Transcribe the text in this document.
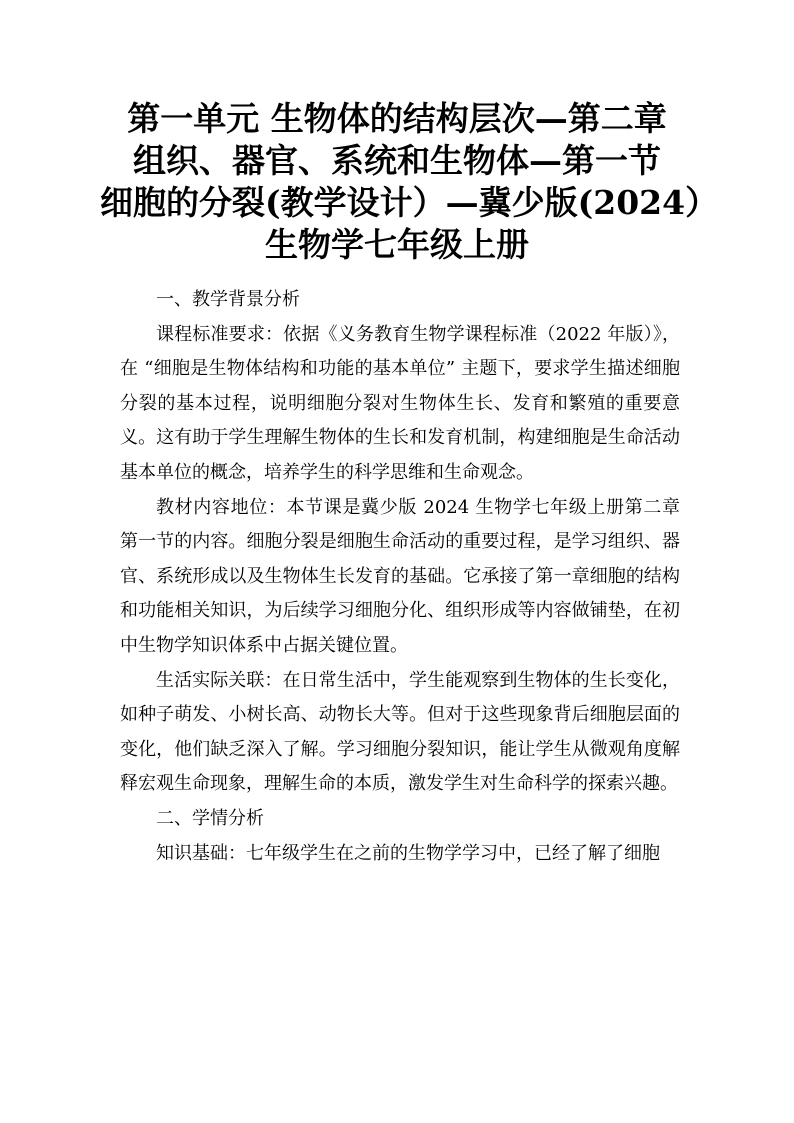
第一单元 生物体的结构层次—第二章
组织、器官、系统和生物体—第一节
细胞的分裂(教学设计）—冀少版(2024）
生物学七年级上册

一、教学背景分析

课程标准要求：依据《义务教育生物学课程标准（2022 年版）》，在 “细胞是生物体结构和功能的基本单位” 主题下，要求学生描述细胞分裂的基本过程，说明细胞分裂对生物体生长、发育和繁殖的重要意义。这有助于学生理解生物体的生长和发育机制，构建细胞是生命活动基本单位的概念，培养学生的科学思维和生命观念。

教材内容地位：本节课是冀少版 2024 生物学七年级上册第二章第一节的内容。细胞分裂是细胞生命活动的重要过程，是学习组织、器官、系统形成以及生物体生长发育的基础。它承接了第一章细胞的结构和功能相关知识，为后续学习细胞分化、组织形成等内容做铺垫，在初中生物学知识体系中占据关键位置。

生活实际关联：在日常生活中，学生能观察到生物体的生长变化，如种子萌发、小树长高、动物长大等。但对于这些现象背后细胞层面的变化，他们缺乏深入了解。学习细胞分裂知识，能让学生从微观角度解释宏观生命现象，理解生命的本质，激发学生对生命科学的探索兴趣。

二、学情分析

知识基础：七年级学生在之前的生物学学习中，已经了解了细胞
